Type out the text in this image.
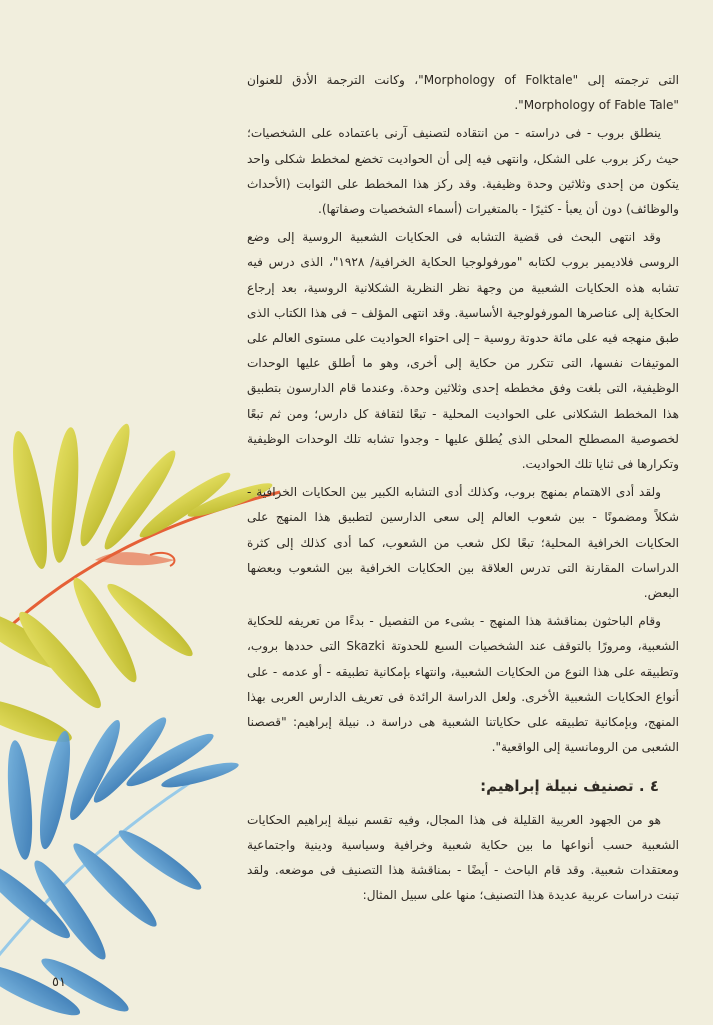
التى ترجمته إلى "Morphology of Folktale"، وكانت الترجمة الأدق للعنوان "Morphology of Fable Tale".

ينطلق بروب - فى دراسته - من انتقاده لتصنيف آرنى باعتماده على الشخصيات؛ حيث ركز بروب على الشكل، وانتهى فيه إلى أن الحواديت تخضع لمخطط شكلى واحد يتكون من إحدى وثلاثين وحدة وظيفية. وقد ركز هذا المخطط على الثوابت (الأحداث والوظائف) دون أن يعبأ - كثيرًا - بالمتغيرات (أسماء الشخصيات وصفاتها).

وقد انتهى البحث فى قضية التشابه فى الحكايات الشعبية الروسية إلى وضع الروسى فلاديمير بروب لكتابه "مورفولوجيا الحكاية الخرافية/ ١٩٢٨"، الذى درس فيه تشابه هذه الحكايات الشعبية من وجهة نظر النظرية الشكلانية الروسية، بعد إرجاع الحكاية إلى عناصرها المورفولوجية الأساسية. وقد انتهى المؤلف – فى هذا الكتاب الذى طبق منهجه فيه على مائة حدوتة روسية – إلى احتواء الحواديت على مستوى العالم على الموتيفات نفسها، التى تتكرر من حكاية إلى أخرى، وهو ما أطلق عليها الوحدات الوظيفية، التى بلغت وفق مخططه إحدى وثلاثين وحدة. وعندما قام الدارسون بتطبيق هذا المخطط الشكلانى على الحواديت المحلية - تبعًا لثقافة كل دارس؛ ومن ثم تبعًا لخصوصية المصطلح المحلى الذى يُطلق عليها - وجدوا تشابه تلك الوحدات الوظيفية وتكرارها فى ثنايا تلك الحواديت.

ولقد أدى الاهتمام بمنهج بروب، وكذلك أدى التشابه الكبير بين الحكايات الخرافية - شكلاً ومضمونًا - بين شعوب العالم إلى سعى الدارسين لتطبيق هذا المنهج على الحكايات الخرافية المحلية؛ تبعًا لكل شعب من الشعوب، كما أدى كذلك إلى كثرة الدراسات المقارنة التى تدرس العلاقة بين الحكايات الخرافية بين الشعوب وبعضها البعض.

وقام الباحثون بمناقشة هذا المنهج - بشىء من التفصيل - بدءًا من تعريفه للحكاية الشعبية، ومرورًا بالتوقف عند الشخصيات السبع للحدوتة Skazki التى حددها بروب، وتطبيقه على هذا النوع من الحكايات الشعبية، وانتهاء بإمكانية تطبيقه - أو عدمه - على أنواع الحكايات الشعبية الأخرى. ولعل الدراسة الرائدة فى تعريف الدارس العربى بهذا المنهج، وبإمكانية تطبيقه على حكاياتنا الشعبية هى دراسة د. نبيلة إبراهيم: "قصصنا الشعبى من الرومانسية إلى الواقعية".

٤ . تصنيف نبيلة إبراهيم:

هو من الجهود العربية القليلة فى هذا المجال، وفيه تقسم نبيلة إبراهيم الحكايات الشعبية حسب أنواعها ما بين حكاية شعبية وخرافية وسياسية ودينية واجتماعية ومعتقدات شعبية. وقد قام الباحث - أيضًا - بمناقشة هذا التصنيف فى موضعه. ولقد تبنت دراسات عربية عديدة هذا التصنيف؛ منها على سبيل المثال:

٥١
